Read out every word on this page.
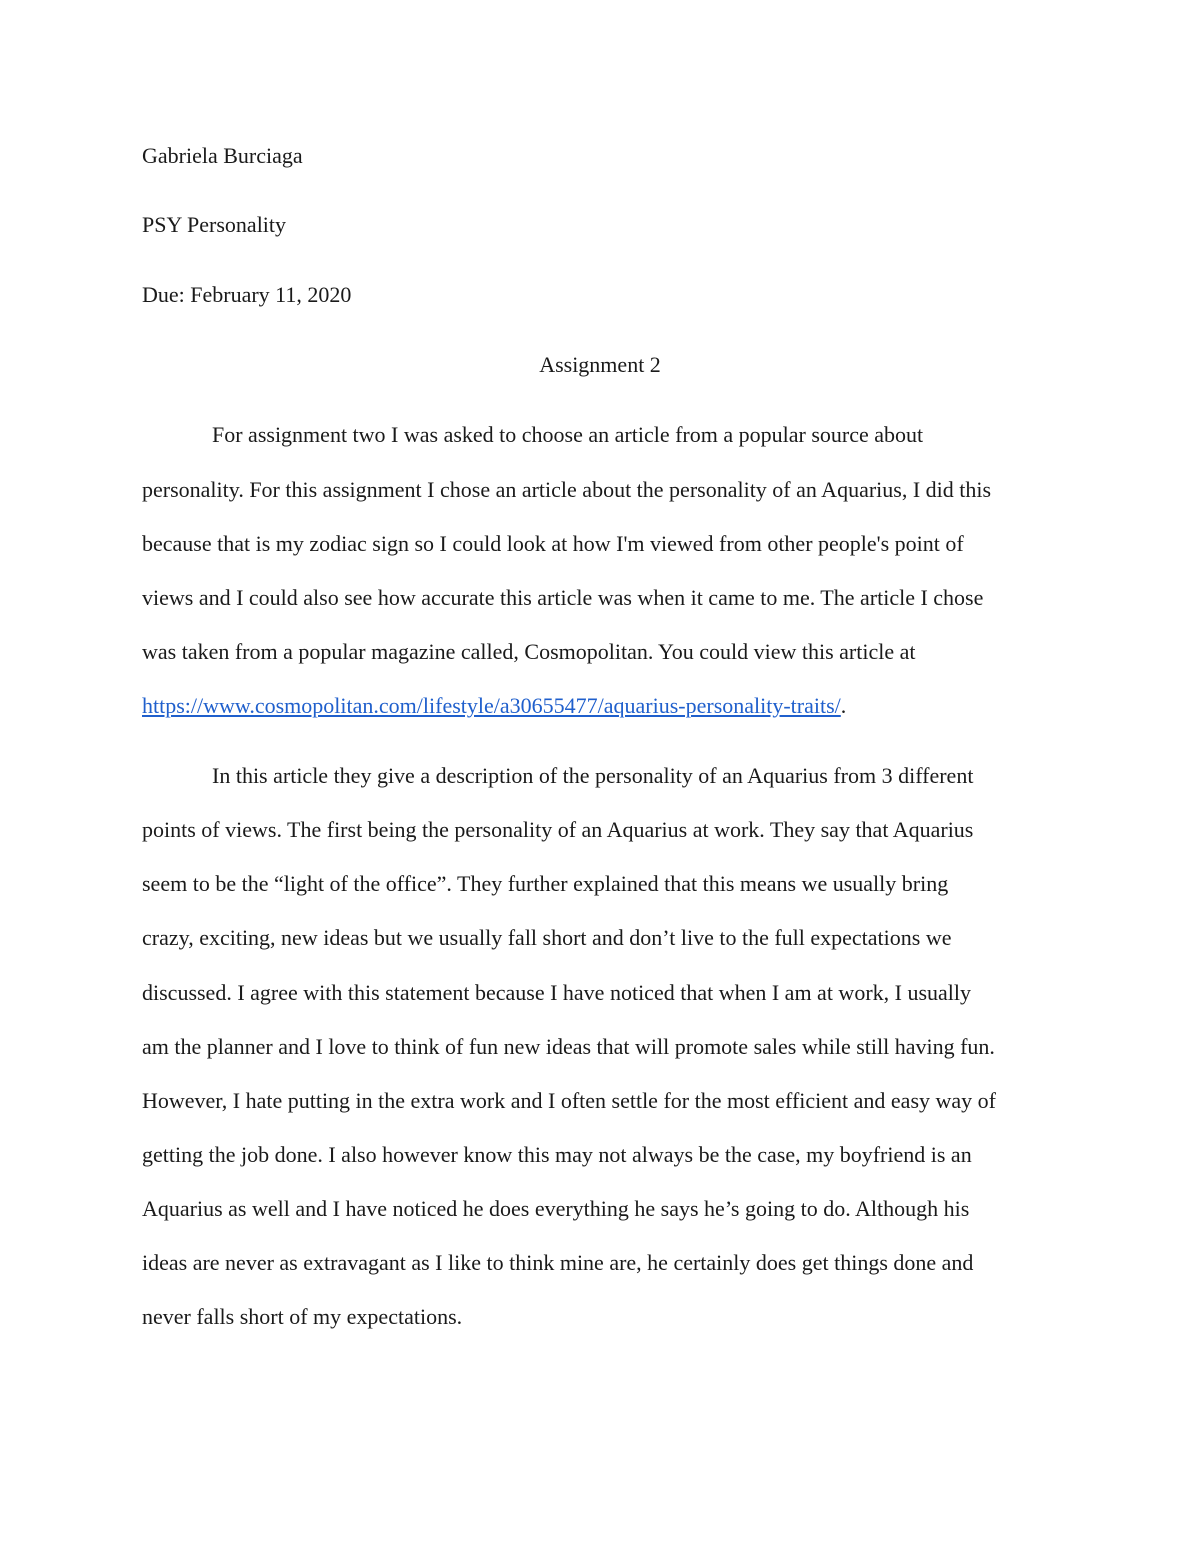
Gabriela Burciaga
PSY Personality
Due: February 11, 2020
Assignment 2
For assignment two I was asked to choose an article from a popular source about
personality. For this assignment I chose an article about the personality of an Aquarius, I did this
because that is my zodiac sign so I could look at how I'm viewed from other people's point of
views and I could also see how accurate this article was when it came to me. The article I chose
was taken from a popular magazine called, Cosmopolitan. You could view this article at
https://www.cosmopolitan.com/lifestyle/a30655477/aquarius-personality-traits/.
In this article they give a description of the personality of an Aquarius from 3 different
points of views. The first being the personality of an Aquarius at work. They say that Aquarius
seem to be the “light of the office”. They further explained that this means we usually bring
crazy, exciting, new ideas but we usually fall short and don’t live to the full expectations we
discussed. I agree with this statement because I have noticed that when I am at work, I usually
am the planner and I love to think of fun new ideas that will promote sales while still having fun.
However, I hate putting in the extra work and I often settle for the most efficient and easy way of
getting the job done. I also however know this may not always be the case, my boyfriend is an
Aquarius as well and I have noticed he does everything he says he’s going to do. Although his
ideas are never as extravagant as I like to think mine are, he certainly does get things done and
never falls short of my expectations.
